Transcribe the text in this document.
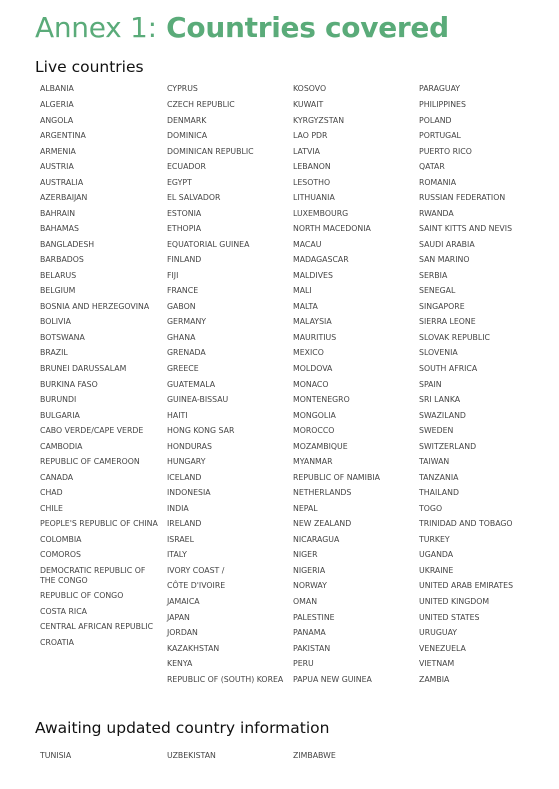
Annex 1: Countries covered
Live countries
ALBANIA
ALGERIA
ANGOLA
ARGENTINA
ARMENIA
AUSTRIA
AUSTRALIA
AZERBAIJAN
BAHRAIN
BAHAMAS
BANGLADESH
BARBADOS
BELARUS
BELGIUM
BOSNIA AND HERZEGOVINA
BOLIVIA
BOTSWANA
BRAZIL
BRUNEI DARUSSALAM
BURKINA FASO
BURUNDI
BULGARIA
CABO VERDE/CAPE VERDE
CAMBODIA
REPUBLIC OF CAMEROON
CANADA
CHAD
CHILE
PEOPLE'S REPUBLIC OF CHINA
COLOMBIA
COMOROS
DEMOCRATIC REPUBLIC OF THE CONGO
REPUBLIC OF CONGO
COSTA RICA
CENTRAL AFRICAN REPUBLIC
CROATIA
CYPRUS
CZECH REPUBLIC
DENMARK
DOMINICA
DOMINICAN REPUBLIC
ECUADOR
EGYPT
EL SALVADOR
ESTONIA
ETHOPIA
EQUATORIAL GUINEA
FINLAND
FIJI
FRANCE
GABON
GERMANY
GHANA
GRENADA
GREECE
GUATEMALA
GUINEA-BISSAU
HAITI
HONG KONG SAR
HONDURAS
HUNGARY
ICELAND
INDONESIA
INDIA
IRELAND
ISRAEL
ITALY
IVORY COAST /
CÔTE D'IVOIRE
JAMAICA
JAPAN
JORDAN
KAZAKHSTAN
KENYA
REPUBLIC OF (SOUTH) KOREA
KOSOVO
KUWAIT
KYRGYZSTAN
LAO PDR
LATVIA
LEBANON
LESOTHO
LITHUANIA
LUXEMBOURG
NORTH MACEDONIA
MACAU
MADAGASCAR
MALDIVES
MALI
MALTA
MALAYSIA
MAURITIUS
MEXICO
MOLDOVA
MONACO
MONTENEGRO
MONGOLIA
MOROCCO
MOZAMBIQUE
MYANMAR
REPUBLIC OF NAMIBIA
NETHERLANDS
NEPAL
NEW ZEALAND
NICARAGUA
NIGER
NIGERIA
NORWAY
OMAN
PALESTINE
PANAMA
PAKISTAN
PERU
PAPUA NEW GUINEA
PARAGUAY
PHILIPPINES
POLAND
PORTUGAL
PUERTO RICO
QATAR
ROMANIA
RUSSIAN FEDERATION
RWANDA
SAINT KITTS AND NEVIS
SAUDI ARABIA
SAN MARINO
SERBIA
SENEGAL
SINGAPORE
SIERRA LEONE
SLOVAK REPUBLIC
SLOVENIA
SOUTH AFRICA
SPAIN
SRI LANKA
SWAZILAND
SWEDEN
SWITZERLAND
TAIWAN
TANZANIA
THAILAND
TOGO
TRINIDAD AND TOBAGO
TURKEY
UGANDA
UKRAINE
UNITED ARAB EMIRATES
UNITED KINGDOM
UNITED STATES
URUGUAY
VENEZUELA
VIETNAM
ZAMBIA
Awaiting updated country information
TUNISIA	UZBEKISTAN	ZIMBABWE
